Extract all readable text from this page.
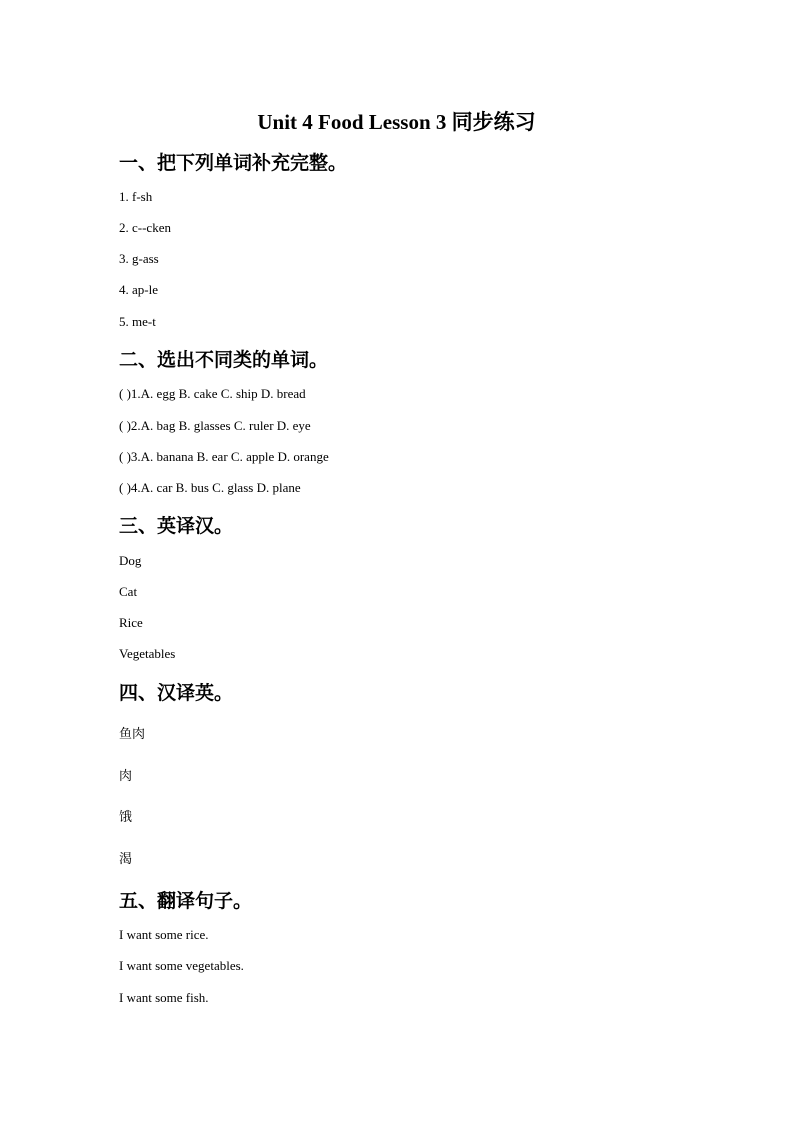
Unit 4 Food Lesson 3 同步练习
一、把下列单词补充完整。
1. f-sh
2. c--cken
3. g-ass
4. ap-le
5. me-t
二、选出不同类的单词。
( )1.A. egg B. cake C. ship D. bread
( )2.A. bag B. glasses C. ruler D. eye
( )3.A. banana B. ear C. apple D. orange
( )4.A. car B. bus C. glass D. plane
三、英译汉。
Dog
Cat
Rice
Vegetables
四、汉译英。
鱼肉
肉
饿
渴
五、翻译句子。
I want some rice.
I want some vegetables.
I want some fish.
